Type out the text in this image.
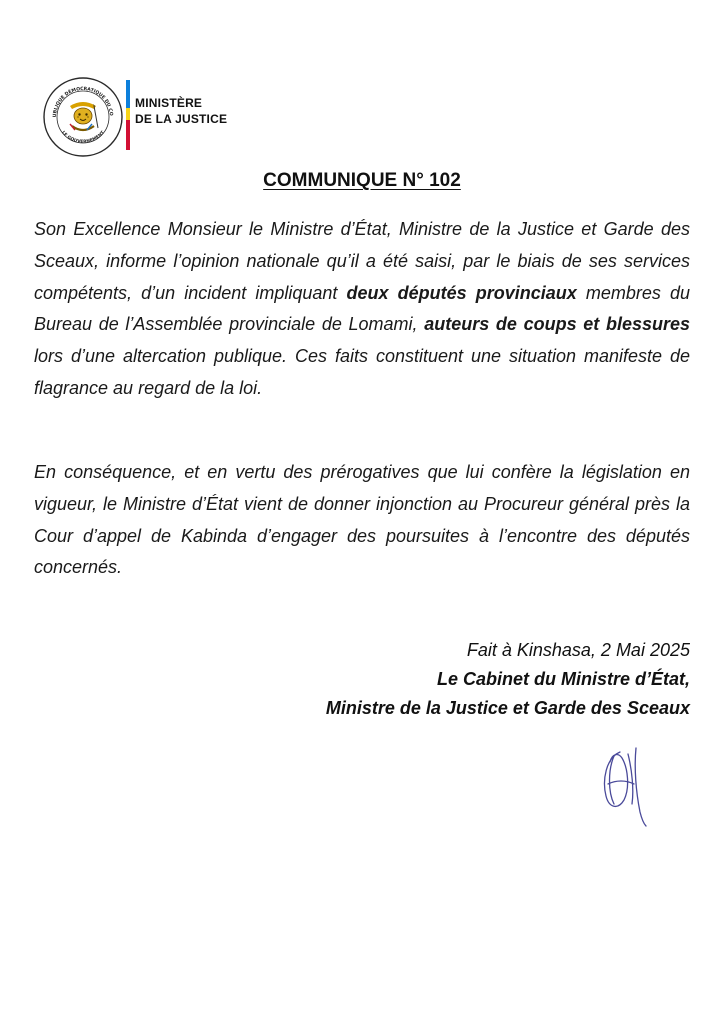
UBLIQUE DÉMOCRATIQUE DU CO
LE GOUVERNEMENT
MINISTÈRE
DE LA JUSTICE
COMMUNIQUE N° 102
Son Excellence Monsieur le Ministre d’État, Ministre de la Justice et Garde des Sceaux, informe l’opinion nationale qu’il a été saisi, par le biais de ses services compétents, d’un incident impliquant deux députés provinciaux membres du Bureau de l’Assemblée provinciale de Lomami, auteurs de coups et blessures lors d’une altercation publique. Ces faits constituent une situation manifeste de flagrance au regard de la loi.
En conséquence, et en vertu des prérogatives que lui confère la législation en vigueur, le Ministre d’État vient de donner injonction au Procureur général près la Cour d’appel de Kabinda d’engager des poursuites à l’encontre des députés concernés.
Fait à Kinshasa, 2 Mai 2025
Le Cabinet du Ministre d’État,
Ministre de la Justice et Garde des Sceaux
